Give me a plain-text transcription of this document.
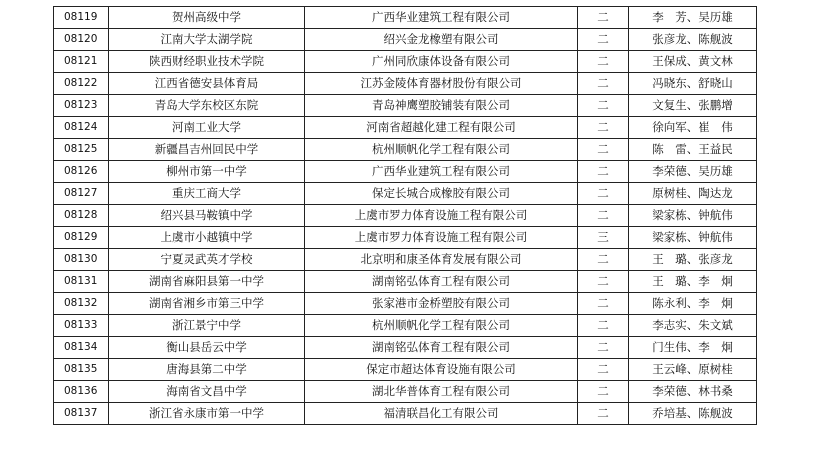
08119	贺州高级中学	广西华业建筑工程有限公司	二	李　芳、吴历雄
08120	江南大学太湖学院	绍兴金龙橡塑有限公司	二	张彦龙、陈舰波
08121	陕西财经职业技术学院	广州同欣康体设备有限公司	二	王保成、黄文林
08122	江西省德安县体育局	江苏金陵体育器材股份有限公司	二	冯晓东、舒晓山
08123	青岛大学东校区东院	青岛神鹰塑胶铺装有限公司	二	文复生、张鹏增
08124	河南工业大学	河南省超越化建工程有限公司	二	徐向军、崔　伟
08125	新疆昌吉州回民中学	杭州顺帆化学工程有限公司	二	陈　雷、王益民
08126	柳州市第一中学	广西华业建筑工程有限公司	二	李荣德、吴历雄
08127	重庆工商大学	保定长城合成橡胶有限公司	二	原树桂、陶达龙
08128	绍兴县马鞍镇中学	上虞市罗力体育设施工程有限公司	二	梁家栋、钟航伟
08129	上虞市小越镇中学	上虞市罗力体育设施工程有限公司	三	梁家栋、钟航伟
08130	宁夏灵武英才学校	北京明和康圣体育发展有限公司	二	王　璐、张彦龙
08131	湖南省麻阳县第一中学	湖南铭弘体育工程有限公司	二	王　璐、李　炯
08132	湖南省湘乡市第三中学	张家港市金桥塑胶有限公司	二	陈永利、李　炯
08133	浙江景宁中学	杭州顺帆化学工程有限公司	二	李志实、朱文斌
08134	衡山县岳云中学	湖南铭弘体育工程有限公司	二	门生伟、李　炯
08135	唐海县第二中学	保定市超达体育设施有限公司	二	王云峰、原树桂
08136	海南省文昌中学	湖北华普体育工程有限公司	二	李荣德、林书桑
08137	浙江省永康市第一中学	福清联昌化工有限公司	二	乔培基、陈舰波
